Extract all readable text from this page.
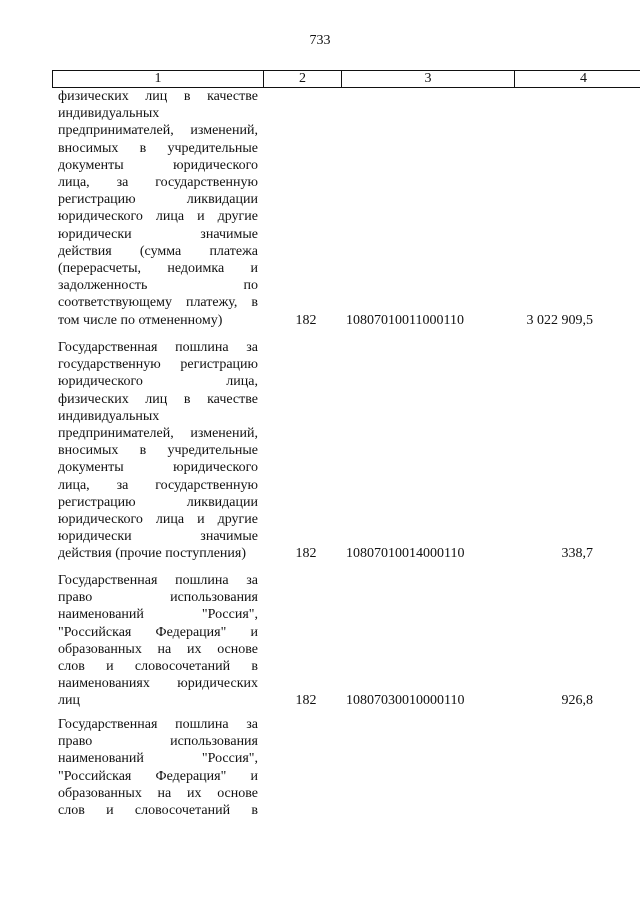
733
1	2	3	4
физических лиц в качестве
индивидуальных
предпринимателей, изменений,
вносимых в учредительные
документы юридического
лица, за государственную
регистрацию ликвидации
юридического лица и другие
юридически значимые
действия (сумма платежа
(перерасчеты, недоимка и
задолженность по
соответствующему платежу, в
том числе по отмененному)	182	10807010011000110	3 022 909,5
Государственная пошлина за
государственную регистрацию
юридического лица,
физических лиц в качестве
индивидуальных
предпринимателей, изменений,
вносимых в учредительные
документы юридического
лица, за государственную
регистрацию ликвидации
юридического лица и другие
юридически значимые
действия (прочие поступления)	182	10807010014000110	338,7
Государственная пошлина за
право использования
наименований "Россия",
"Российская Федерация" и
образованных на их основе
слов и словосочетаний в
наименованиях юридических
лиц	182	10807030010000110	926,8
Государственная пошлина за
право использования
наименований "Россия",
"Российская Федерация" и
образованных на их основе
слов и словосочетаний в
